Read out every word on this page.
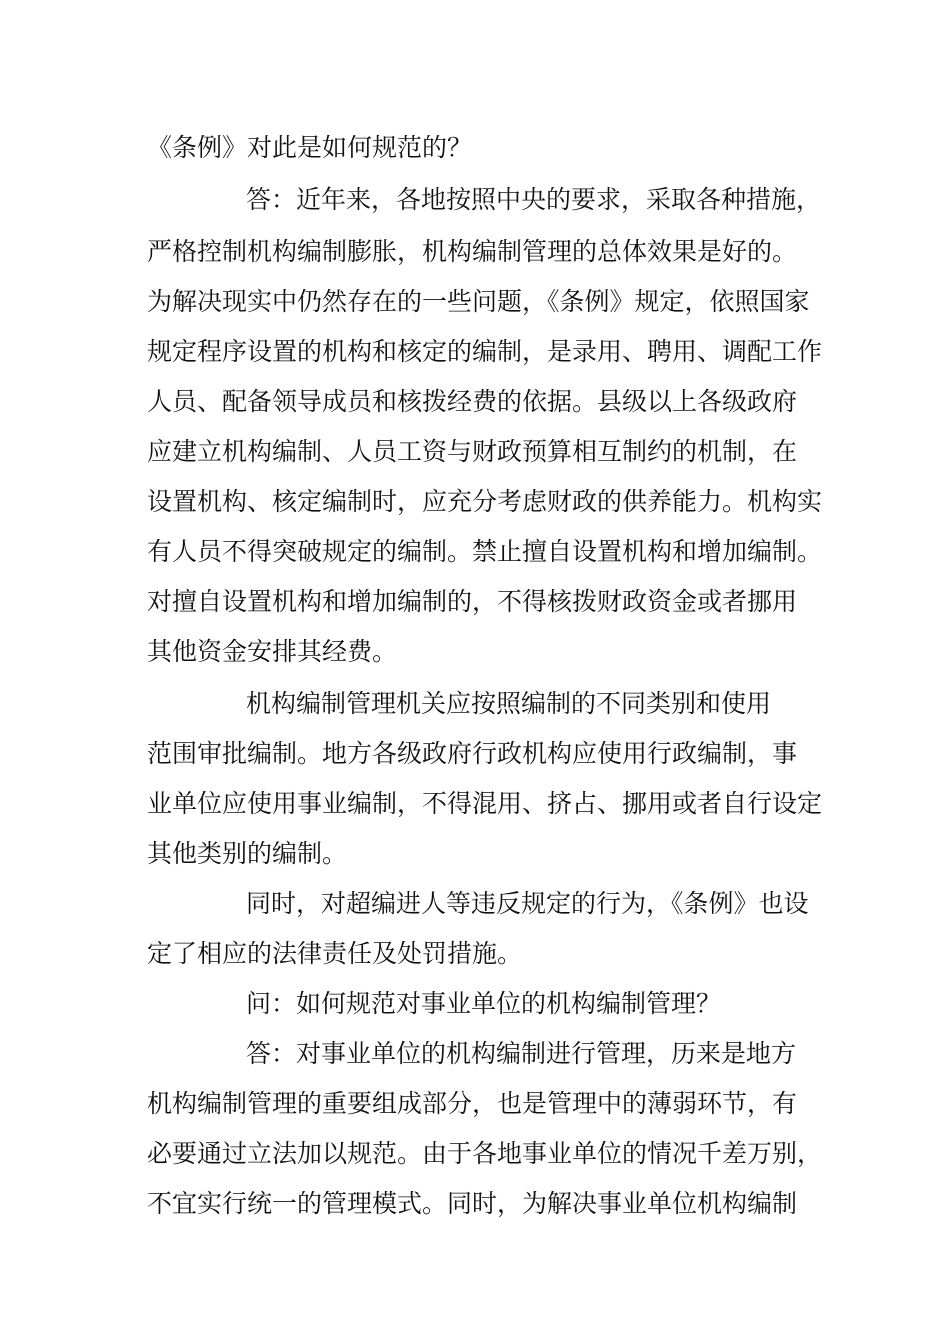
《条例》对此是如何规范的？
答：近年来，各地按照中央的要求，采取各种措施，
严格控制机构编制膨胀，机构编制管理的总体效果是好的。
为解决现实中仍然存在的一些问题，《条例》规定，依照国家
规定程序设置的机构和核定的编制，是录用、聘用、调配工作
人员、配备领导成员和核拨经费的依据。县级以上各级政府
应建立机构编制、人员工资与财政预算相互制约的机制，在
设置机构、核定编制时，应充分考虑财政的供养能力。机构实
有人员不得突破规定的编制。禁止擅自设置机构和增加编制。
对擅自设置机构和增加编制的，不得核拨财政资金或者挪用
其他资金安排其经费。
机构编制管理机关应按照编制的不同类别和使用
范围审批编制。地方各级政府行政机构应使用行政编制，事
业单位应使用事业编制，不得混用、挤占、挪用或者自行设定
其他类别的编制。
同时，对超编进人等违反规定的行为，《条例》也设
定了相应的法律责任及处罚措施。
问：如何规范对事业单位的机构编制管理？
答：对事业单位的机构编制进行管理，历来是地方
机构编制管理的重要组成部分，也是管理中的薄弱环节，有
必要通过立法加以规范。由于各地事业单位的情况千差万别，
不宜实行统一的管理模式。同时，为解决事业单位机构编制
